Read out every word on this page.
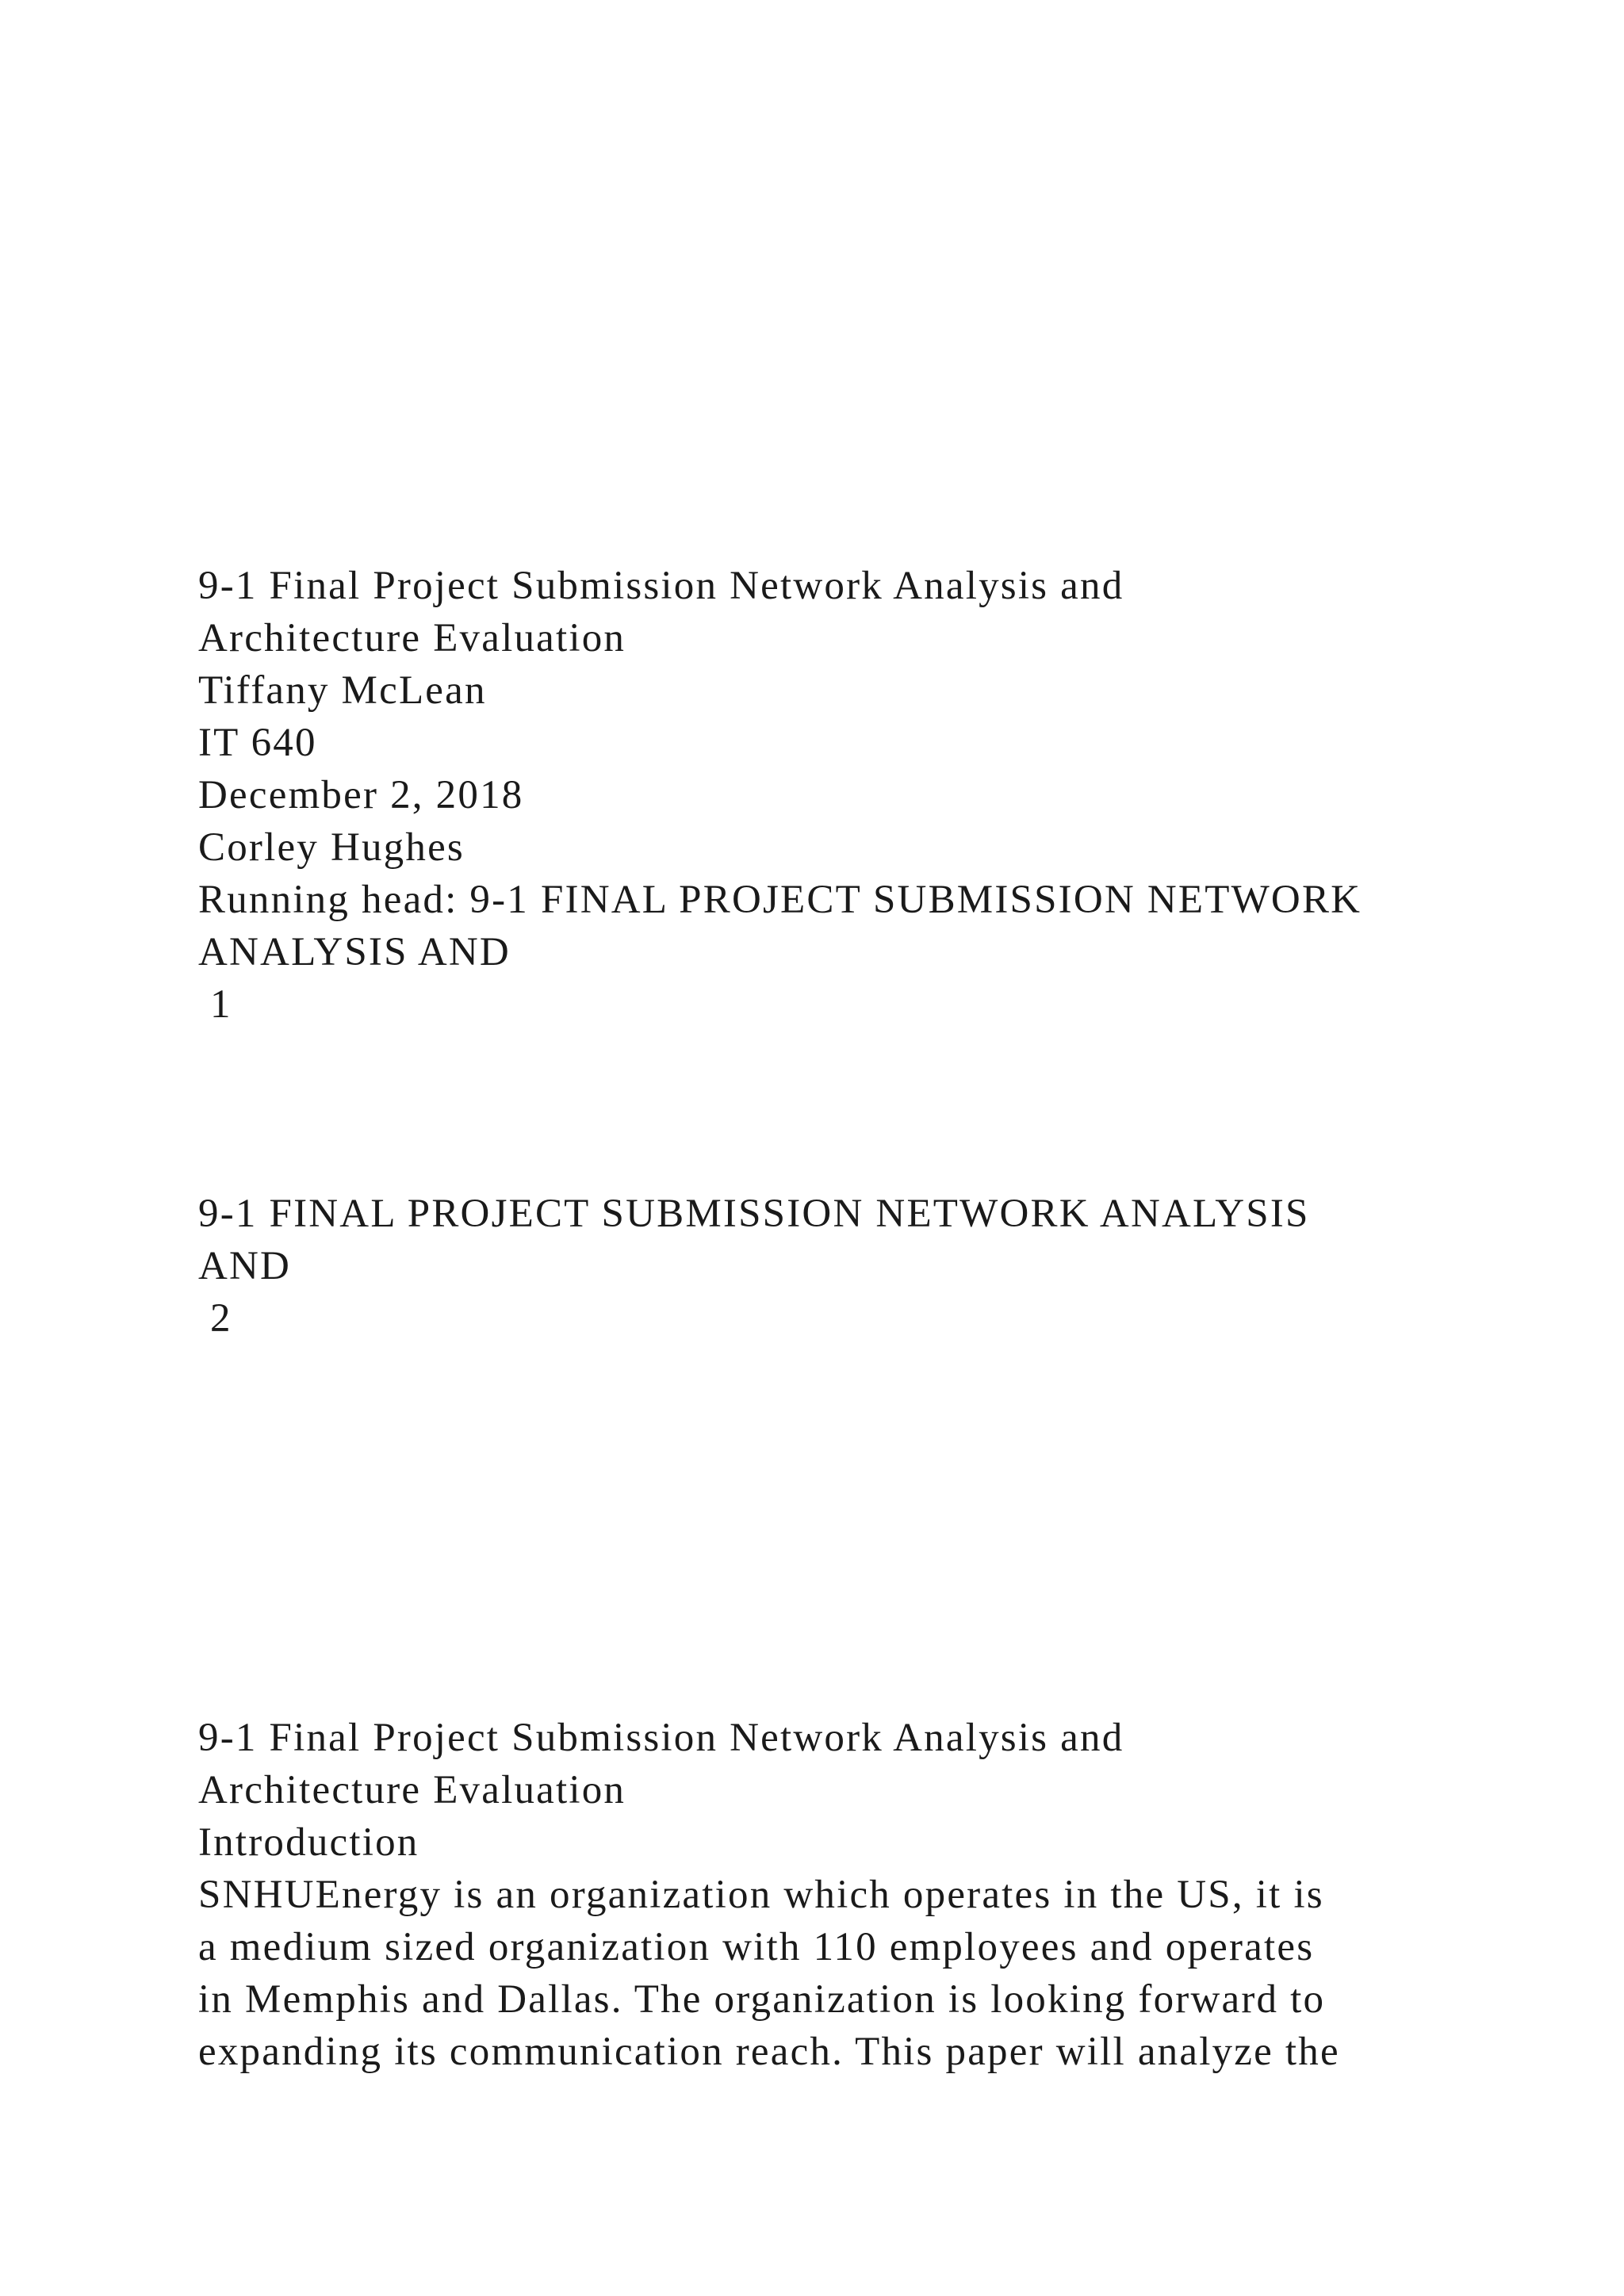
9-1 Final Project Submission Network Analysis and
Architecture Evaluation
Tiffany McLean
IT 640
December 2, 2018
Corley Hughes
Running head: 9-1 FINAL PROJECT SUBMISSION NETWORK
ANALYSIS AND
1
9-1 FINAL PROJECT SUBMISSION NETWORK ANALYSIS
AND
2
9-1 Final Project Submission Network Analysis and
Architecture Evaluation
Introduction
SNHUEnergy is an organization which operates in the US, it is
a medium sized organization with 110 employees and operates
in Memphis and Dallas. The organization is looking forward to
expanding its communication reach. This paper will analyze the
